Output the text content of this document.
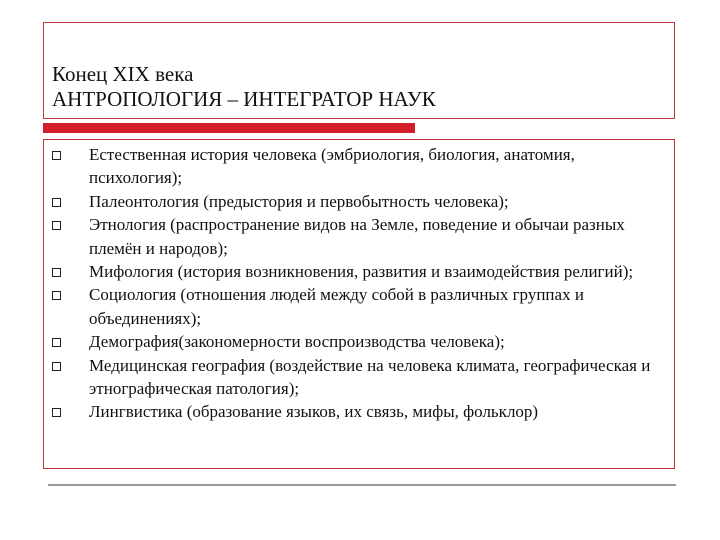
Конец XIX века
АНТРОПОЛОГИЯ – ИНТЕГРАТОР НАУК
Естественная история человека (эмбриология, биология, анатомия, психология);
Палеонтология (предыстория и первобытность человека);
Этнология (распространение видов на Земле, поведение и обычаи разных племён и народов);
Мифология (история возникновения, развития и взаимодействия религий);
Социология (отношения людей между собой в различных группах и объединениях);
Демография(закономерности воспроизводства человека);
Медицинская география (воздействие на человека климата, географическая и этнографическая патология);
Лингвистика (образование языков, их связь, мифы, фольклор)
